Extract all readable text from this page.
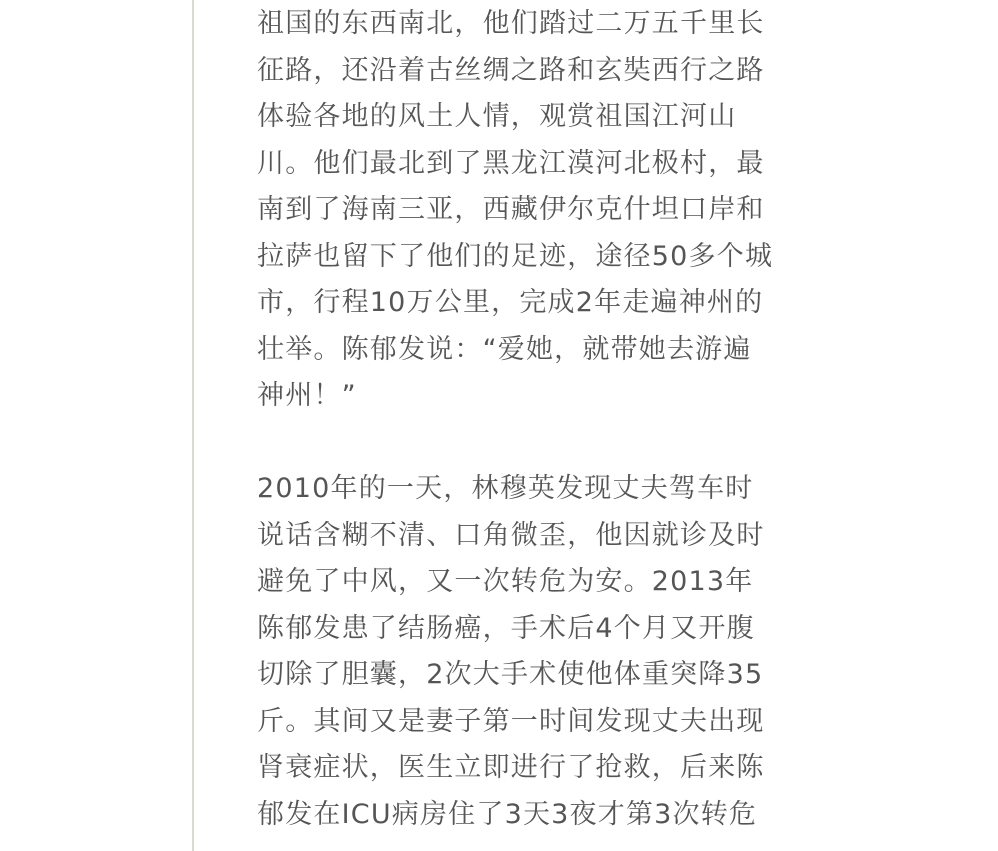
祖国的东西南北，他们踏过二万五千里长
征路，还沿着古丝绸之路和玄奘西行之路
体验各地的风土人情，观赏祖国江河山
川。他们最北到了黑龙江漠河北极村，最
南到了海南三亚，西藏伊尔克什坦口岸和
拉萨也留下了他们的足迹，途径50多个城
市，行程10万公里，完成2年走遍神州的
壮举。陈郁发说：“爱她，就带她去游遍
神州！”
2010年的一天，林穆英发现丈夫驾车时
说话含糊不清、口角微歪，他因就诊及时
避免了中风，又一次转危为安。2013年
陈郁发患了结肠癌，手术后4个月又开腹
切除了胆囊，2次大手术使他体重突降35
斤。其间又是妻子第一时间发现丈夫出现
肾衰症状，医生立即进行了抢救，后来陈
郁发在ICU病房住了3天3夜才第3次转危
